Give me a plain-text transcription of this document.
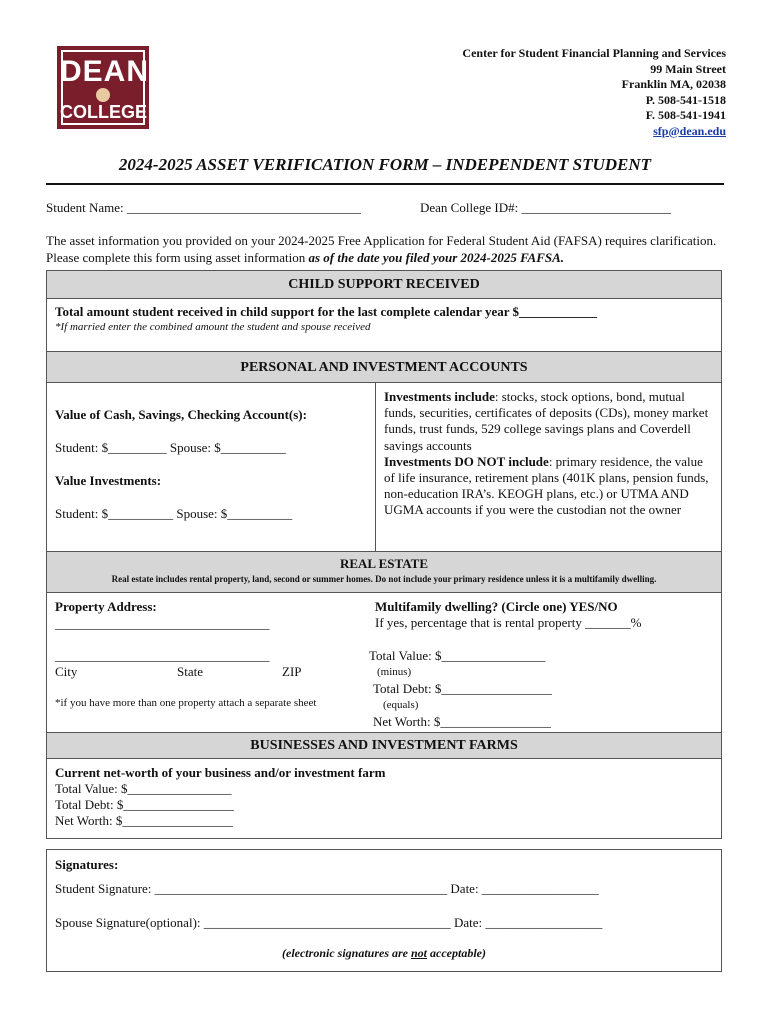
DEAN
COLLEGE
Center for Student Financial Planning and Services
99 Main Street
Franklin MA, 02038
P. 508-541-1518
F. 508-541-1941
sfp@dean.edu
2024-2025 ASSET VERIFICATION FORM – INDEPENDENT STUDENT
Student Name: ____________________________________	Dean College ID#: _______________________
The asset information you provided on your 2024-2025 Free Application for Federal Student Aid (FAFSA) requires clarification. Please complete this form using asset information as of the date you filed your 2024-2025 FAFSA.
CHILD SUPPORT RECEIVED
Total amount student received in child support for the last complete calendar year $____________
*If married enter the combined amount the student and spouse received
PERSONAL AND INVESTMENT ACCOUNTS
Value of Cash, Savings, Checking Account(s):
Student: $_________ Spouse: $__________
Value Investments:
Student: $__________ Spouse: $__________
Investments include: stocks, stock options, bond, mutual funds, securities, certificates of deposits (CDs), money market funds, trust funds, 529 college savings plans and Coverdell savings accounts
Investments DO NOT include: primary residence, the value of life insurance, retirement plans (401K plans, pension funds, non-education IRA’s. KEOGH plans, etc.) or UTMA AND UGMA accounts if you were the custodian not the owner
REAL ESTATE
Real estate includes rental property, land, second or summer homes. Do not include your primary residence unless it is a multifamily dwelling.
Property Address:
_________________________________
_________________________________
City	State	ZIP
*if you have more than one property attach a separate sheet
Multifamily dwelling? (Circle one) YES/NO
If yes, percentage that is rental property _______%
Total Value: $________________
(minus)
Total Debt: $_________________
(equals)
Net Worth: $_________________
BUSINESSES AND INVESTMENT FARMS
Current net-worth of your business and/or investment farm
Total Value: $________________
Total Debt: $_________________
Net Worth: $_________________
Signatures:
Student Signature: _____________________________________________ Date: __________________
Spouse Signature(optional): ______________________________________ Date: __________________
(electronic signatures are not acceptable)
